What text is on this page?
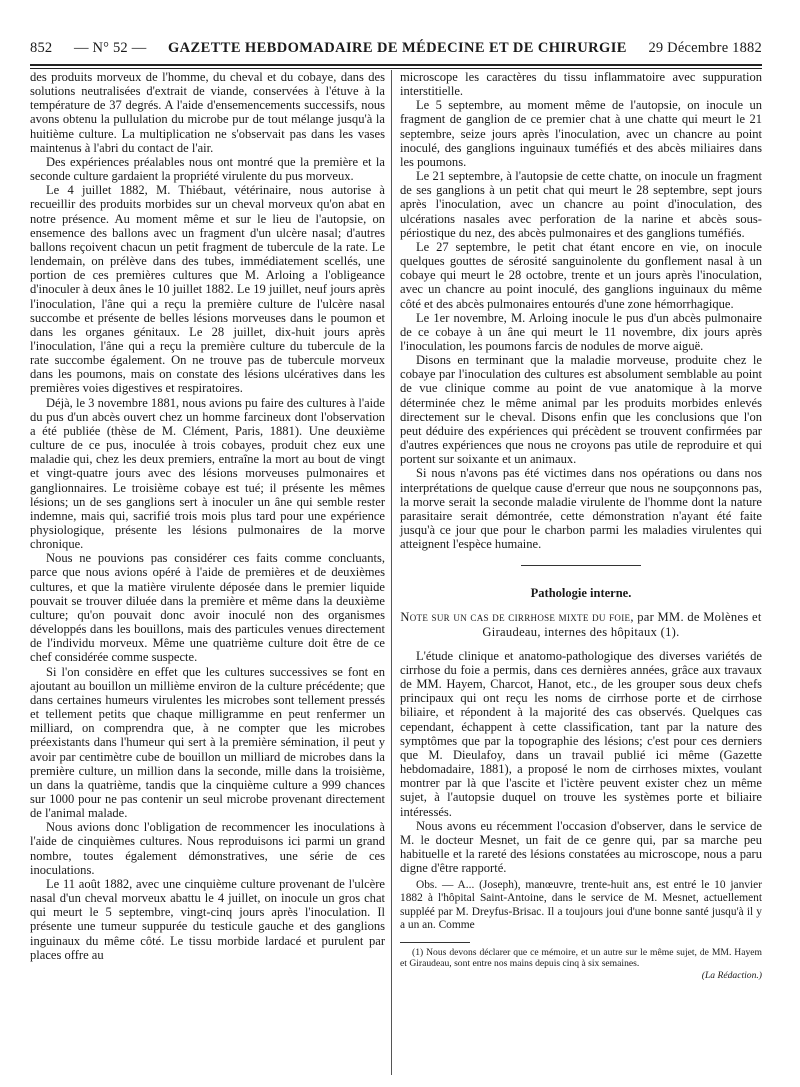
852 — N° 52 — GAZETTE HEBDOMADAIRE DE MÉDECINE ET DE CHIRURGIE 29 Décembre 1882

des produits morveux de l'homme, du cheval et du cobaye, dans des solutions neutralisées d'extrait de viande, conservées à l'étuve à la température de 37 degrés. A l'aide d'ensemencements successifs, nous avons obtenu la pullulation du microbe pur de tout mélange jusqu'à la huitième culture. La multiplication ne s'observait pas dans les vases maintenus à l'abri du contact de l'air.

Des expériences préalables nous ont montré que la première et la seconde culture gardaient la propriété virulente du pus morveux.

Le 4 juillet 1882, M. Thiébaut, vétérinaire, nous autorise à recueillir des produits morbides sur un cheval morveux qu'on abat en notre présence. Au moment même et sur le lieu de l'autopsie, on ensemence des ballons avec un fragment d'un ulcère nasal; d'autres ballons reçoivent chacun un petit fragment de tubercule de la rate. Le lendemain, on prélève dans des tubes, immédiatement scellés, une portion de ces premières cultures que M. Arloing a l'obligeance d'inoculer à deux ânes le 10 juillet 1882. Le 19 juillet, neuf jours après l'inoculation, l'âne qui a reçu la première culture de l'ulcère nasal succombe et présente de belles lésions morveuses dans le poumon et dans les organes génitaux. Le 28 juillet, dix-huit jours après l'inoculation, l'âne qui a reçu la première culture du tubercule de la rate succombe également. On ne trouve pas de tubercule morveux dans les poumons, mais on constate des lésions ulcératives dans les premières voies digestives et respiratoires.

Déjà, le 3 novembre 1881, nous avions pu faire des cultures à l'aide du pus d'un abcès ouvert chez un homme farcineux dont l'observation a été publiée (thèse de M. Clément, Paris, 1881). Une deuxième culture de ce pus, inoculée à trois cobayes, produit chez eux une maladie qui, chez les deux premiers, entraîne la mort au bout de vingt et vingt-quatre jours avec des lésions morveuses pulmonaires et ganglionnaires. Le troisième cobaye est tué; il présente les mêmes lésions; un de ses ganglions sert à inoculer un âne qui semble rester indemne, mais qui, sacrifié trois mois plus tard pour une expérience physiologique, présente les lésions pulmonaires de la morve chronique.

Nous ne pouvions pas considérer ces faits comme concluants, parce que nous avions opéré à l'aide de premières et de deuxièmes cultures, et que la matière virulente déposée dans le premier liquide pouvait se trouver diluée dans la première et même dans la deuxième culture; qu'on pouvait donc avoir inoculé non des organismes développés dans les bouillons, mais des particules venues directement de l'individu morveux. Même une quatrième culture doit être de ce chef considérée comme suspecte.

Si l'on considère en effet que les cultures successives se font en ajoutant au bouillon un millième environ de la culture précédente; que dans certaines humeurs virulentes les microbes sont tellement pressés et tellement petits que chaque milligramme en peut renfermer un milliard, on comprendra que, à ne compter que les microbes préexistants dans l'humeur qui sert à la première sémination, il peut y avoir par centimètre cube de bouillon un milliard de microbes dans la première culture, un million dans la seconde, mille dans la troisième, un dans la quatrième, tandis que la cinquième culture a 999 chances sur 1000 pour ne pas contenir un seul microbe provenant directement de l'animal malade.

Nous avions donc l'obligation de recommencer les inoculations à l'aide de cinquièmes cultures. Nous reproduisons ici parmi un grand nombre, toutes également démonstratives, une série de ces inoculations.

Le 11 août 1882, avec une cinquième culture provenant de l'ulcère nasal d'un cheval morveux abattu le 4 juillet, on inocule un gros chat qui meurt le 5 septembre, vingt-cinq jours après l'inoculation. Il présente une tumeur suppurée du testicule gauche et des ganglions inguinaux du même côté. Le tissu morbide lardacé et purulent par places offre au

microscope les caractères du tissu inflammatoire avec suppuration interstitielle.

Le 5 septembre, au moment même de l'autopsie, on inocule un fragment de ganglion de ce premier chat à une chatte qui meurt le 21 septembre, seize jours après l'inoculation, avec un chancre au point inoculé, des ganglions inguinaux tuméfiés et des abcès miliaires dans les poumons.

Le 21 septembre, à l'autopsie de cette chatte, on inocule un fragment de ses ganglions à un petit chat qui meurt le 28 septembre, sept jours après l'inoculation, avec un chancre au point d'inoculation, des ulcérations nasales avec perforation de la narine et abcès sous-périostique du nez, des abcès pulmonaires et des ganglions tuméfiés.

Le 27 septembre, le petit chat étant encore en vie, on inocule quelques gouttes de sérosité sanguinolente du gonflement nasal à un cobaye qui meurt le 28 octobre, trente et un jours après l'inoculation, avec un chancre au point inoculé, des ganglions inguinaux du même côté et des abcès pulmonaires entourés d'une zone hémorrhagique.

Le 1er novembre, M. Arloing inocule le pus d'un abcès pulmonaire de ce cobaye à un âne qui meurt le 11 novembre, dix jours après l'inoculation, les poumons farcis de nodules de morve aiguë.

Disons en terminant que la maladie morveuse, produite chez le cobaye par l'inoculation des cultures est absolument semblable au point de vue clinique comme au point de vue anatomique à la morve déterminée chez le même animal par les produits morbides enlevés directement sur le cheval. Disons enfin que les conclusions que l'on peut déduire des expériences qui précèdent se trouvent confirmées par d'autres expériences que nous ne croyons pas utile de reproduire et qui portent sur soixante et un animaux.

Si nous n'avons pas été victimes dans nos opérations ou dans nos interprétations de quelque cause d'erreur que nous ne soupçonnons pas, la morve serait la seconde maladie virulente de l'homme dont la nature parasitaire serait démontrée, cette démonstration n'ayant été faite jusqu'à ce jour que pour le charbon parmi les maladies virulentes qui atteignent l'espèce humaine.

Pathologie interne.
Note sur un cas de cirrhose mixte du foie, par MM. de Molènes et Giraudeau, internes des hôpitaux (1).

L'étude clinique et anatomo-pathologique des diverses variétés de cirrhose du foie a permis, dans ces dernières années, grâce aux travaux de MM. Hayem, Charcot, Hanot, etc., de les grouper sous deux chefs principaux qui ont reçu les noms de cirrhose porte et de cirrhose biliaire, et répondent à la majorité des cas observés. Quelques cas cependant, échappent à cette classification, tant par la nature des symptômes que par la topographie des lésions; c'est pour ces derniers que M. Dieulafoy, dans un travail publié ici même (Gazette hebdomadaire, 1881), a proposé le nom de cirrhoses mixtes, voulant montrer par là que l'ascite et l'ictère peuvent exister chez un même sujet, à l'autopsie duquel on trouve les systèmes porte et biliaire intéressés.

Nous avons eu récemment l'occasion d'observer, dans le service de M. le docteur Mesnet, un fait de ce genre qui, par sa marche peu habituelle et la rareté des lésions constatées au microscope, nous a paru digne d'être rapporté.

Obs. — A... (Joseph), manœuvre, trente-huit ans, est entré le 10 janvier 1882 à l'hôpital Saint-Antoine, dans le service de M. Mesnet, actuellement suppléé par M. Dreyfus-Brisac. Il a toujours joui d'une bonne santé jusqu'à il y a un an. Comme

(1) Nous devons déclarer que ce mémoire, et un autre sur le même sujet, de MM. Hayem et Giraudeau, sont entre nos mains depuis cinq à six semaines.

(La Rédaction.)
